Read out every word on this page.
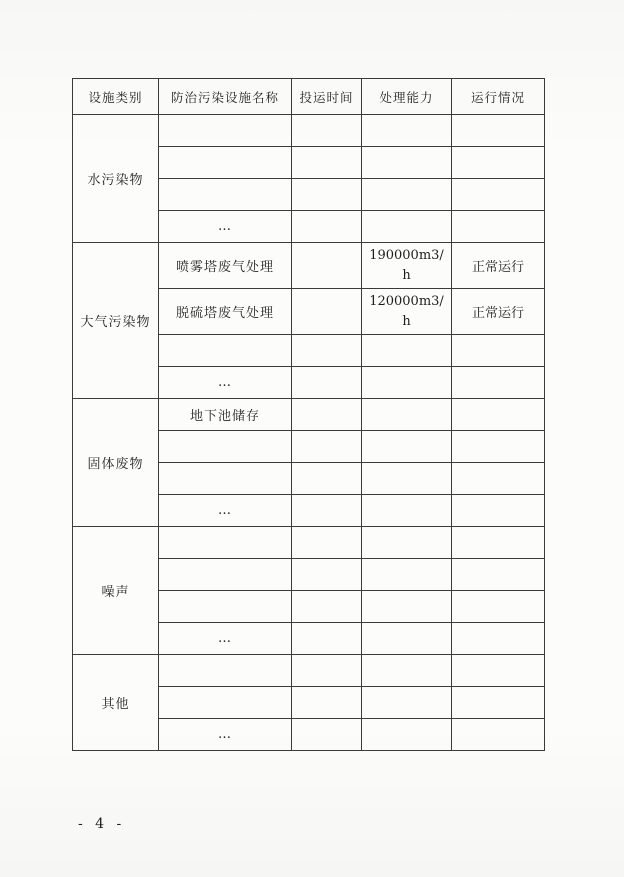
设施类别	防治污染设施名称	投运时间	处理能力	运行情况
水污染物				

	…			
大气污染物	喷雾塔废气处理		190000m3/
h	正常运行
	脱硫塔废气处理		120000m3/
h	正常运行

	…			
固体废物	地下池储存			

	…			
噪声				

	…			
其他				

	…			
- 4 -
